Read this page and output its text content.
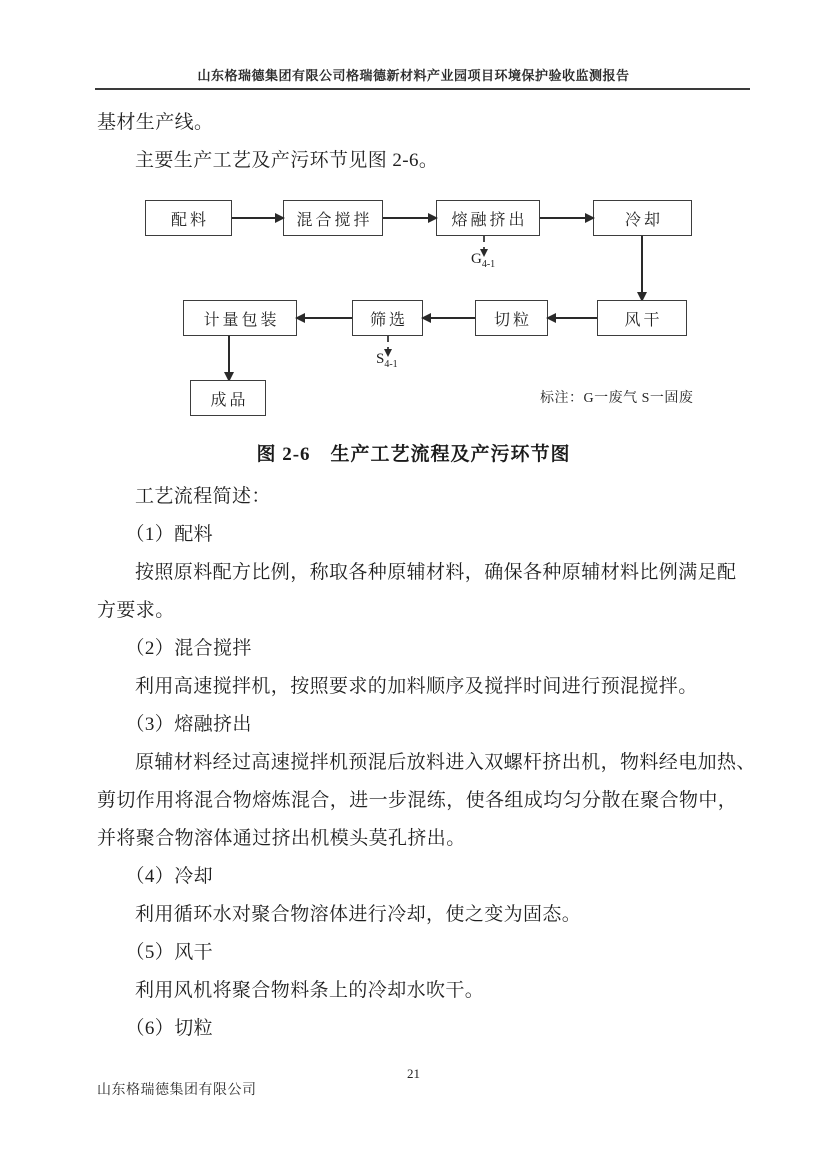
山东格瑞德集团有限公司格瑞德新材料产业园项目环境保护验收监测报告
基材生产线。
主要生产工艺及产污环节见图 2-6。
配料	混合搅拌	熔融挤出	冷却
$G_{4-1}$
计量包装	筛选	切粒	风干
$S_{4-1}$
成品	标注：G一废气 S一固废
图 2-6　生产工艺流程及产污环节图
工艺流程简述：
（1）配料
按照原料配方比例，称取各种原辅材料，确保各种原辅材料比例满足配
方要求。
（2）混合搅拌
利用高速搅拌机，按照要求的加料顺序及搅拌时间进行预混搅拌。
（3）熔融挤出
原辅材料经过高速搅拌机预混后放料进入双螺杆挤出机，物料经电加热、
剪切作用将混合物熔炼混合，进一步混练，使各组成均匀分散在聚合物中，
并将聚合物溶体通过挤出机模头莫孔挤出。
（4）冷却
利用循环水对聚合物溶体进行冷却，使之变为固态。
（5）风干
利用风机将聚合物料条上的冷却水吹干。
（6）切粒
21
山东格瑞德集团有限公司
